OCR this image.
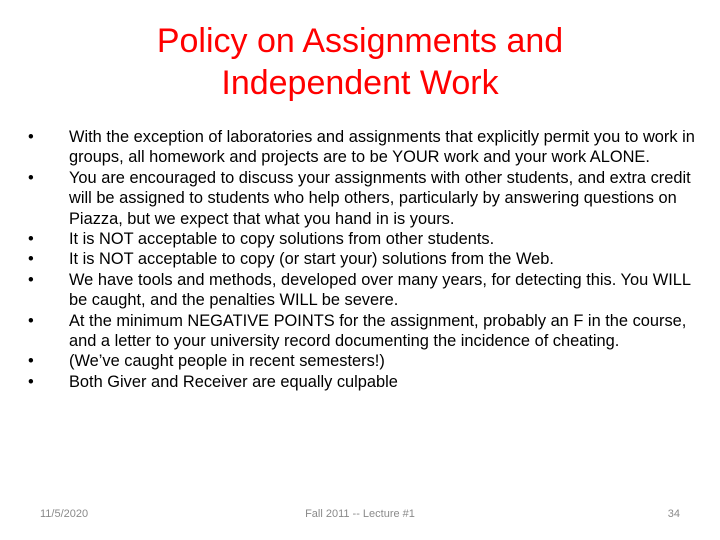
Policy on Assignments and
Independent Work
•	With the exception of laboratories and assignments that explicitly permit you to work in groups, all homework and projects are to be YOUR work and your work ALONE.
•	You are encouraged to discuss your assignments with other students, and extra credit will be assigned to students who help others, particularly by answering questions on Piazza, but we expect that what you hand in is yours.
•	It is NOT acceptable to copy solutions from other students.
•	It is NOT acceptable to copy (or start your) solutions from the Web.
•	We have tools and methods, developed over many years, for detecting this. You WILL be caught, and the penalties WILL be severe.
•	At the minimum NEGATIVE POINTS for the assignment, probably an F in the course, and a letter to your university record documenting the incidence of cheating.
•	(We’ve caught people in recent semesters!)
•	Both Giver and Receiver are equally culpable
11/5/2020	Fall 2011 -- Lecture #1	34
